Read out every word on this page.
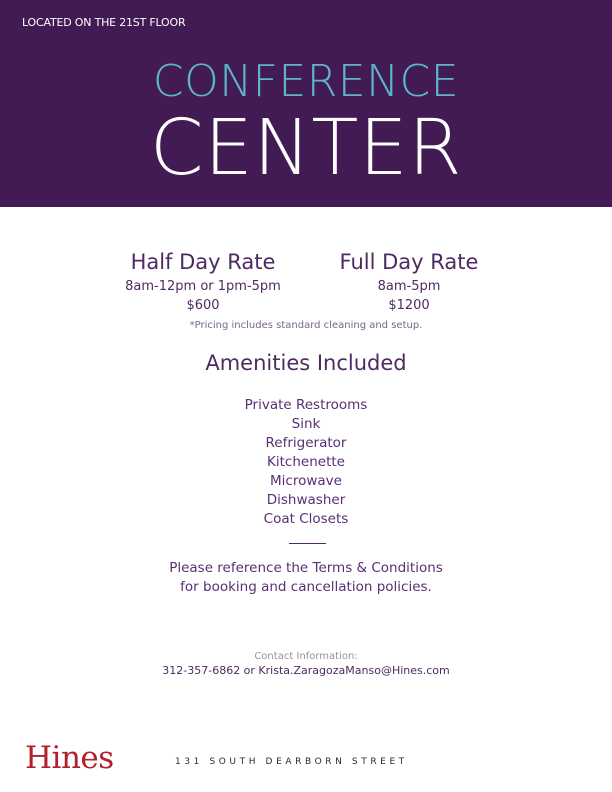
LOCATED ON THE 21ST FLOOR
CONFERENCE
CENTER
Half Day Rate
8am-12pm or 1pm-5pm
$600
Full Day Rate
8am-5pm
$1200
*Pricing includes standard cleaning and setup.
Amenities Included
Private Restrooms
Sink
Refrigerator
Kitchenette
Microwave
Dishwasher
Coat Closets
Please reference the Terms & Conditions
for booking and cancellation policies.
Contact Information:
312-357-6862 or Krista.ZaragozaManso@Hines.com
Hines	131 SOUTH DEARBORN STREET
